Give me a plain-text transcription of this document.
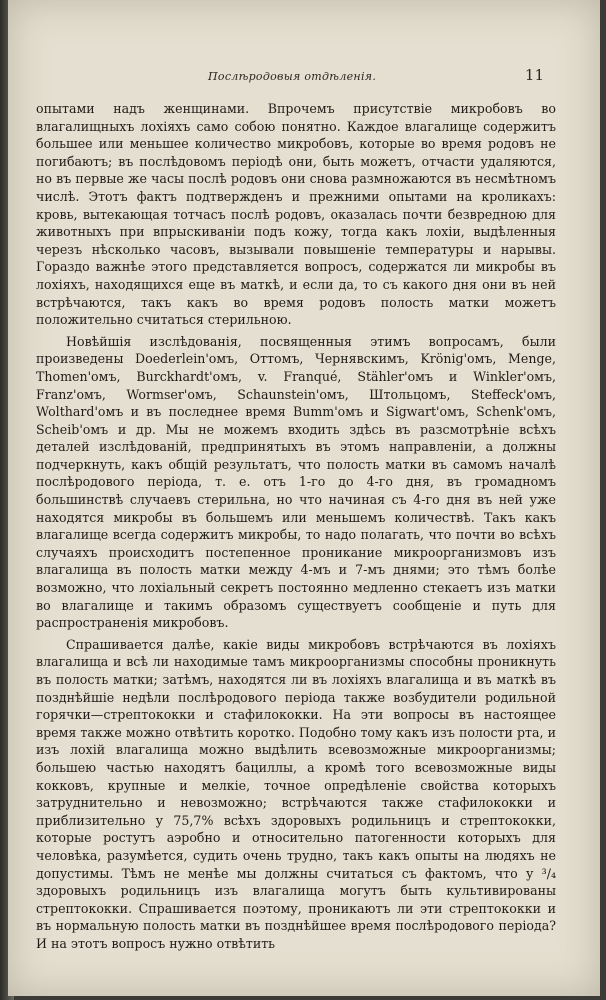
Послѣродовыя отдѣленія.	11

опытами надъ женщинами. Впрочемъ присутствіе микробовъ во влагалищныхъ лохіяхъ само собою понятно. Каждое влагалище содержитъ большее или меньшее количество микробовъ, которые во время родовъ не погибаютъ; въ послѣдовомъ періодѣ они, быть можетъ, отчасти удаляются, но въ первые же часы послѣ родовъ они снова размножаются въ несмѣтномъ числѣ. Этотъ фактъ подтвержденъ и прежними опытами на кроликахъ: кровь, вытекающая тотчасъ послѣ родовъ, оказалась почти безвредною для животныхъ при впрыскиваніи подъ кожу, тогда какъ лохіи, выдѣленныя черезъ нѣсколько часовъ, вызывали повышеніе температуры и нарывы. Гораздо важнѣе этого представляется вопросъ, содержатся ли микробы въ лохіяхъ, находящихся еще въ маткѣ, и если да, то съ какого дня они въ ней встрѣчаются, такъ какъ во время родовъ полость матки можетъ положительно считаться стерильною.

Новѣйшія изслѣдованія, посвященныя этимъ вопросамъ, были произведены Doederlein'омъ, Оттомъ, Чернявскимъ, Krönig'омъ, Menge, Thomen'омъ, Burckhardt'омъ, v. Franqué, Stähler'омъ и Winkler'омъ, Franz'омъ, Wormser'омъ, Schaunstein'омъ, Штольцомъ, Steffeck'омъ, Wolthard'омъ и въ последнее время Bumm'омъ и Sigwart'омъ, Schenk'омъ, Scheib'омъ и др. Мы не можемъ входить здѣсь въ разсмотрѣніе всѣхъ деталей изслѣдованій, предпринятыхъ въ этомъ направленіи, а должны подчеркнуть, какъ общій результатъ, что полость матки въ самомъ началѣ послѣродового періода, т. е. отъ 1-го до 4-го дня, въ громадномъ большинствѣ случаевъ стерильна, но что начиная съ 4-го дня въ ней уже находятся микробы въ большемъ или меньшемъ количествѣ. Такъ какъ влагалище всегда содержитъ микробы, то надо полагать, что почти во всѣхъ случаяхъ происходитъ постепенное проникание микроорганизмовъ изъ влагалища въ полость матки между 4-мъ и 7-мъ днями; это тѣмъ болѣе возможно, что лохіальный секретъ постоянно медленно стекаетъ изъ матки во влагалище и такимъ образомъ существуетъ сообщеніе и путь для распространенія микробовъ.

Спрашивается далѣе, какіе виды микробовъ встрѣчаются въ лохіяхъ влагалища и всѣ ли находимые тамъ микроорганизмы способны проникнуть въ полость матки; затѣмъ, находятся ли въ лохіяхъ влагалища и въ маткѣ въ позднѣйшіе недѣли послѣродового періода также возбудители родильной горячки—стрептококки и стафилококки. На эти вопросы въ настоящее время также можно отвѣтить коротко. Подобно тому какъ изъ полости рта, и изъ лохій влагалища можно выдѣлить всевозможные микроорганизмы; большею частью находятъ бациллы, а кромѣ того всевозможные виды кокковъ, крупные и мелкіе, точное опредѣленіе свойства которыхъ затруднительно и невозможно; встрѣчаются также стафилококки и приблизительно у 75,7% всѣхъ здоровыхъ родильницъ и стрептококки, которые ростутъ аэробно и относительно патогенности которыхъ для человѣка, разумѣется, судить очень трудно, такъ какъ опыты на людяхъ не допустимы. Тѣмъ не менѣе мы должны считаться съ фактомъ, что у ³/₄ здоровыхъ родильницъ изъ влагалища могутъ быть культивированы стрептококки. Спрашивается поэтому, проникаютъ ли эти стрептококки и въ нормальную полость матки въ позднѣйшее время послѣродового періода? И на этотъ вопросъ нужно отвѣтить
